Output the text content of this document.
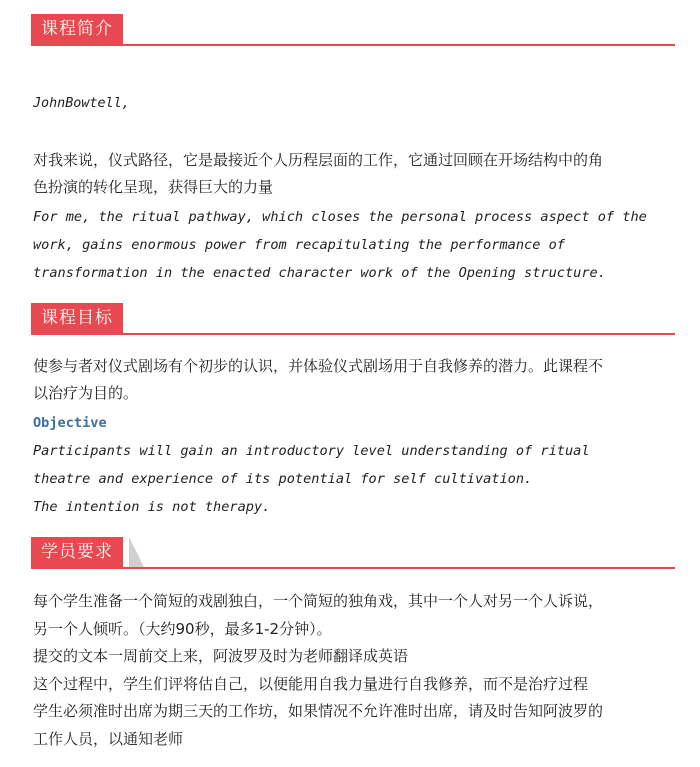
课程简介
JohnBowtell,
对我来说，仪式路径，它是最接近个人历程层面的工作，它通过回顾在开场结构中的角
色扮演的转化呈现，获得巨大的力量
For me, the ritual pathway, which closes the personal process aspect of the
work, gains enormous power from recapitulating the performance of
transformation in the enacted character work of the Opening structure.
课程目标
使参与者对仪式剧场有个初步的认识，并体验仪式剧场用于自我修养的潜力。此课程不
以治疗为目的。
Objective
Participants will gain an introductory level understanding of ritual
theatre and experience of its potential for self cultivation.
The intention is not therapy.
学员要求
每个学生准备一个简短的戏剧独白，一个简短的独角戏，其中一个人对另一个人诉说，
另一个人倾听。（大约90秒，最多1-2分钟）。
提交的文本一周前交上来，阿波罗及时为老师翻译成英语
这个过程中，学生们评将估自己，以便能用自我力量进行自我修养，而不是治疗过程
学生必须准时出席为期三天的工作坊，如果情况不允许准时出席，请及时告知阿波罗的
工作人员，以通知老师
